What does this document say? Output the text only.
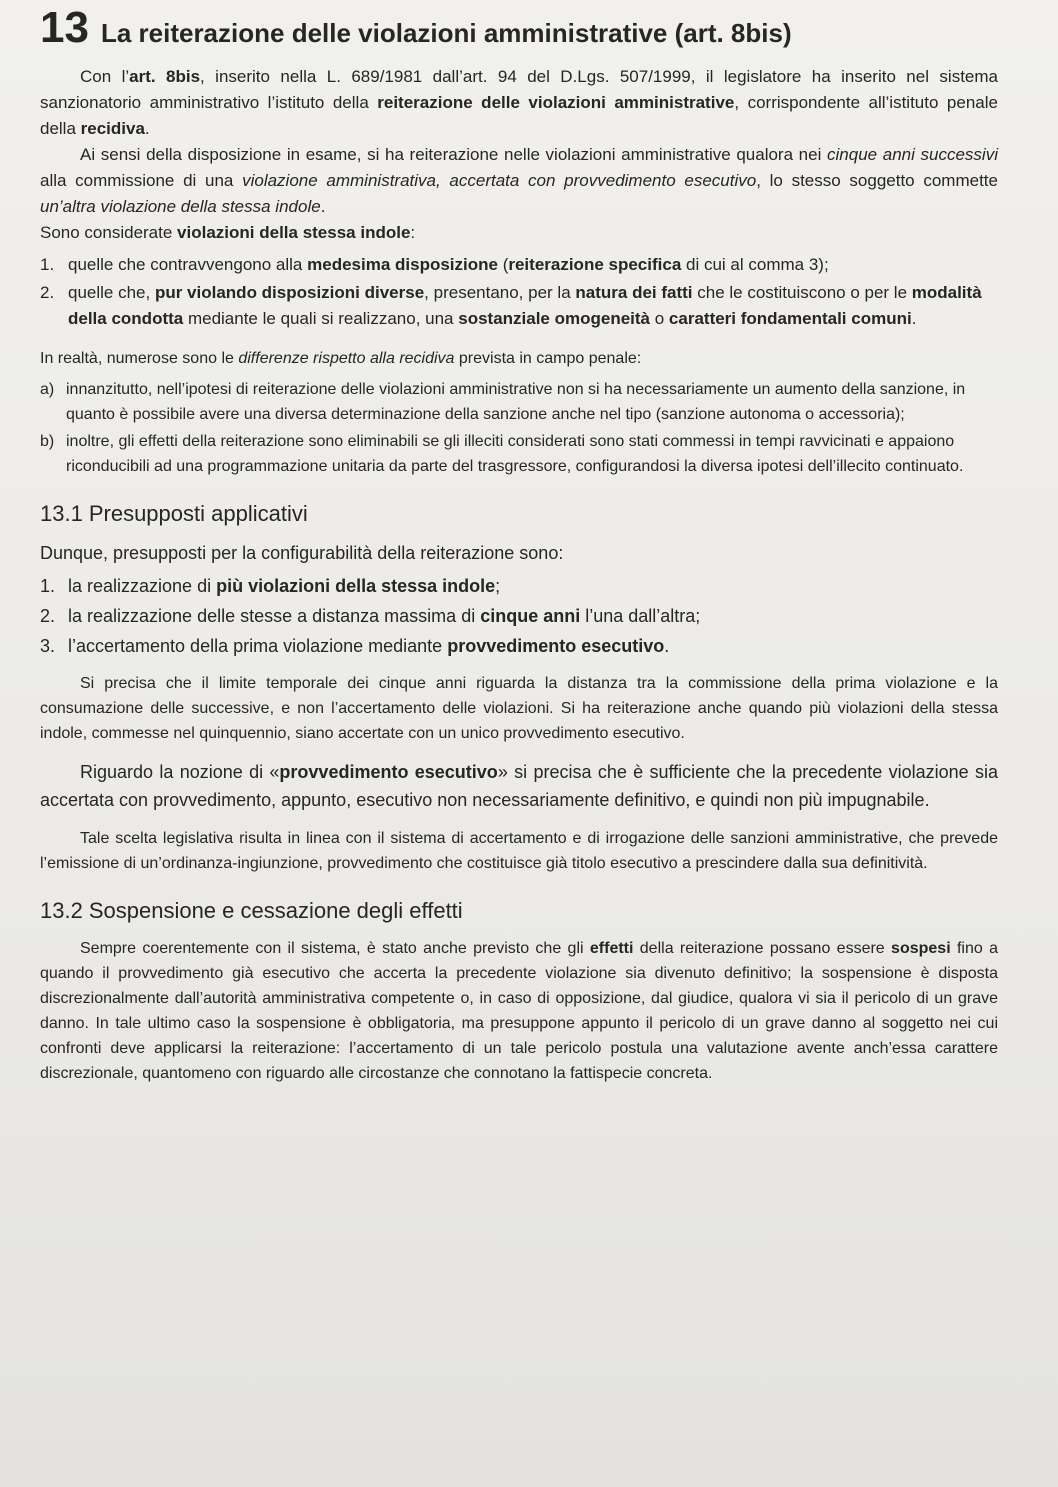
13 La reiterazione delle violazioni amministrative (art. 8bis)

Con l’art. 8bis, inserito nella L. 689/1981 dall’art. 94 del D.Lgs. 507/1999, il legislatore ha inserito nel sistema sanzionatorio amministrativo l’istituto della reiterazione delle violazioni amministrative, corrispondente all’istituto penale della recidiva.

Ai sensi della disposizione in esame, si ha reiterazione nelle violazioni amministrative qualora nei cinque anni successivi alla commissione di una violazione amministrativa, accertata con provvedimento esecutivo, lo stesso soggetto commette un’altra violazione della stessa indole.

Sono considerate violazioni della stessa indole:

1. quelle che contravvengono alla medesima disposizione (reiterazione specifica di cui al comma 3);
2. quelle che, pur violando disposizioni diverse, presentano, per la natura dei fatti che le costituiscono o per le modalità della condotta mediante le quali si realizzano, una sostanziale omogeneità o caratteri fondamentali comuni.

In realtà, numerose sono le differenze rispetto alla recidiva prevista in campo penale:

a) innanzitutto, nell’ipotesi di reiterazione delle violazioni amministrative non si ha necessariamente un aumento della sanzione, in quanto è possibile avere una diversa determinazione della sanzione anche nel tipo (sanzione autonoma o accessoria);
b) inoltre, gli effetti della reiterazione sono eliminabili se gli illeciti considerati sono stati commessi in tempi ravvicinati e appaiono riconducibili ad una programmazione unitaria da parte del trasgressore, configurandosi la diversa ipotesi dell’illecito continuato.
13.1 Presupposti applicativi

Dunque, presupposti per la configurabilità della reiterazione sono:

1. la realizzazione di più violazioni della stessa indole;
2. la realizzazione delle stesse a distanza massima di cinque anni l’una dall’altra;
3. l’accertamento della prima violazione mediante provvedimento esecutivo.

Si precisa che il limite temporale dei cinque anni riguarda la distanza tra la commissione della prima violazione e la consumazione delle successive, e non l’accertamento delle violazioni. Si ha reiterazione anche quando più violazioni della stessa indole, commesse nel quinquennio, siano accertate con un unico provvedimento esecutivo.

Riguardo la nozione di «provvedimento esecutivo» si precisa che è sufficiente che la precedente violazione sia accertata con provvedimento, appunto, esecutivo non necessariamente definitivo, e quindi non più impugnabile.

Tale scelta legislativa risulta in linea con il sistema di accertamento e di irrogazione delle sanzioni amministrative, che prevede l’emissione di un’ordinanza-ingiunzione, provvedimento che costituisce già titolo esecutivo a prescindere dalla sua definitività.

13.2 Sospensione e cessazione degli effetti

Sempre coerentemente con il sistema, è stato anche previsto che gli effetti della reiterazione possano essere sospesi fino a quando il provvedimento già esecutivo che accerta la precedente violazione sia divenuto definitivo; la sospensione è disposta discrezionalmente dall’autorità amministrativa competente o, in caso di opposizione, dal giudice, qualora vi sia il pericolo di un grave danno. In tale ultimo caso la sospensione è obbligatoria, ma presuppone appunto il pericolo di un grave danno al soggetto nei cui confronti deve applicarsi la reiterazione: l’accertamento di un tale pericolo postula una valutazione avente anch’essa carattere discrezionale, quantomeno con riguardo alle circostanze che connotano la fattispecie concreta.
